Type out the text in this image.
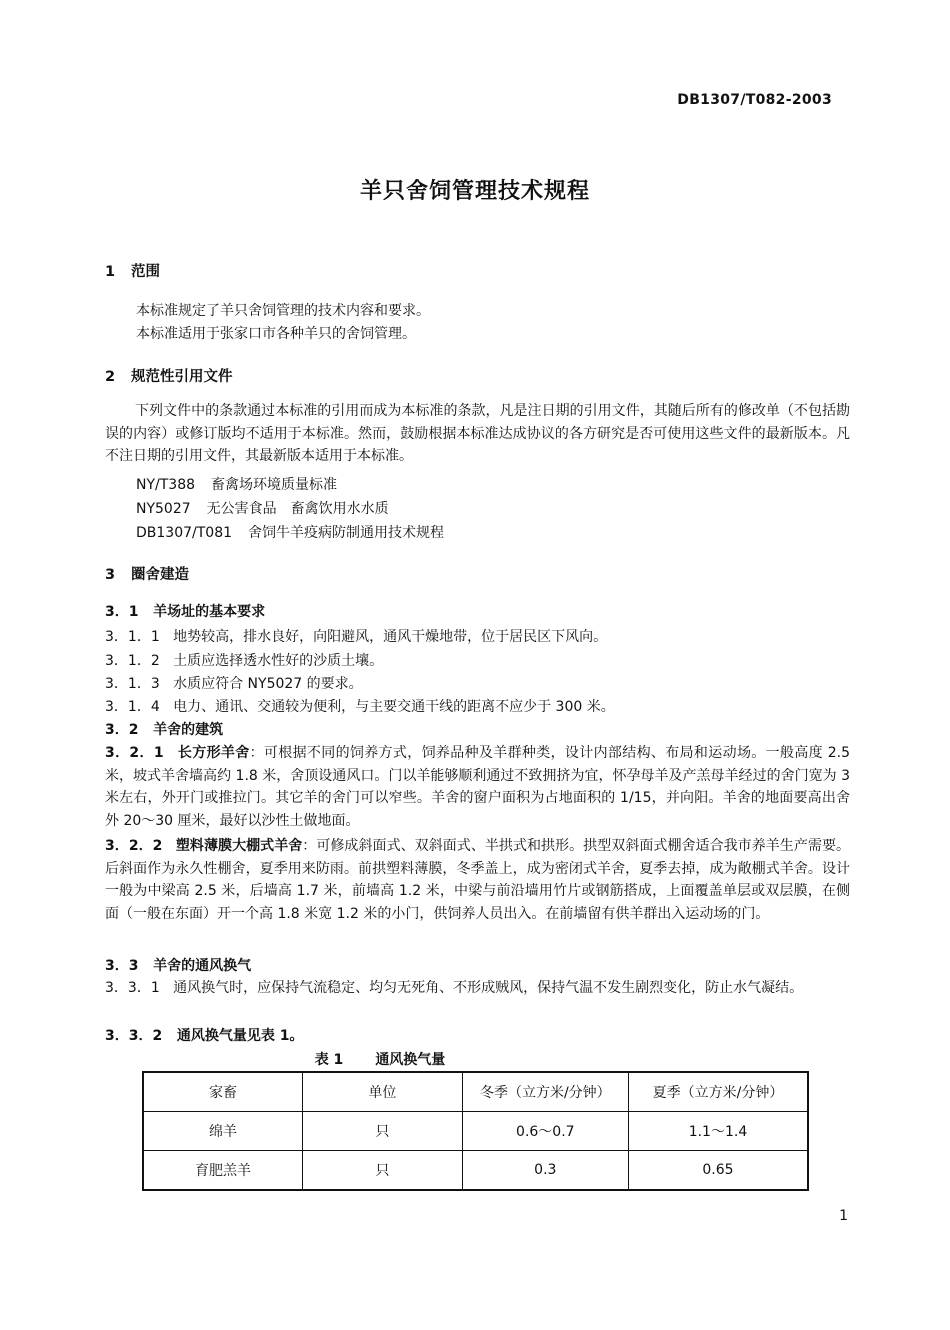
DB1307/T082-2003
羊只舍饲管理技术规程
1 范围
本标准规定了羊只舍饲管理的技术内容和要求。
本标准适用于张家口市各种羊只的舍饲管理。
2 规范性引用文件
下列文件中的条款通过本标准的引用而成为本标准的条款，凡是注日期的引用文件，其随后所有的修改单（不包括勘误的内容）或修订版均不适用于本标准。然而，鼓励根据本标准达成协议的各方研究是否可使用这些文件的最新版本。凡不注日期的引用文件，其最新版本适用于本标准。
NY/T388 畜禽场环境质量标准
NY5027 无公害食品 畜禽饮用水水质
DB1307/T081 舍饲牛羊疫病防制通用技术规程
3 圈舍建造
3．1 羊场址的基本要求
3．1．1 地势较高，排水良好，向阳避风，通风干燥地带，位于居民区下风向。
3．1．2 土质应选择透水性好的沙质土壤。
3．1．3 水质应符合 NY5027 的要求。
3．1．4 电力、通讯、交通较为便利，与主要交通干线的距离不应少于 300 米。
3．2 羊舍的建筑
3．2．1 长方形羊舍：可根据不同的饲养方式，饲养品种及羊群种类，设计内部结构、布局和运动场。一般高度 2.5 米，坡式羊舍墙高约 1.8 米，舍顶设通风口。门以羊能够顺利通过不致拥挤为宜，怀孕母羊及产羔母羊经过的舍门宽为 3 米左右，外开门或推拉门。其它羊的舍门可以窄些。羊舍的窗户面积为占地面积的 1/15，并向阳。羊舍的地面要高出舍外 20～30 厘米，最好以沙性土做地面。
3．2．2 塑料薄膜大棚式羊舍：可修成斜面式、双斜面式、半拱式和拱形。拱型双斜面式棚舍适合我市养羊生产需要。后斜面作为永久性棚舍，夏季用来防雨。前拱塑料薄膜，冬季盖上，成为密闭式羊舍，夏季去掉，成为敞棚式羊舍。设计一般为中梁高 2.5 米，后墙高 1.7 米，前墙高 1.2 米，中梁与前沿墙用竹片或钢筋搭成，上面覆盖单层或双层膜，在侧面（一般在东面）开一个高 1.8 米宽 1.2 米的小门，供饲养人员出入。在前墙留有供羊群出入运动场的门。
3．3 羊舍的通风换气
3．3．1 通风换气时，应保持气流稳定、均匀无死角、不形成贼风，保持气温不发生剧烈变化，防止水气凝结。
3．3．2 通风换气量见表 1。
表 1 通风换气量
家畜	单位	冬季（立方米/分钟）	夏季（立方米/分钟）
绵羊	只	0.6～0.7	1.1～1.4
育肥羔羊	只	0.3	0.65
1
